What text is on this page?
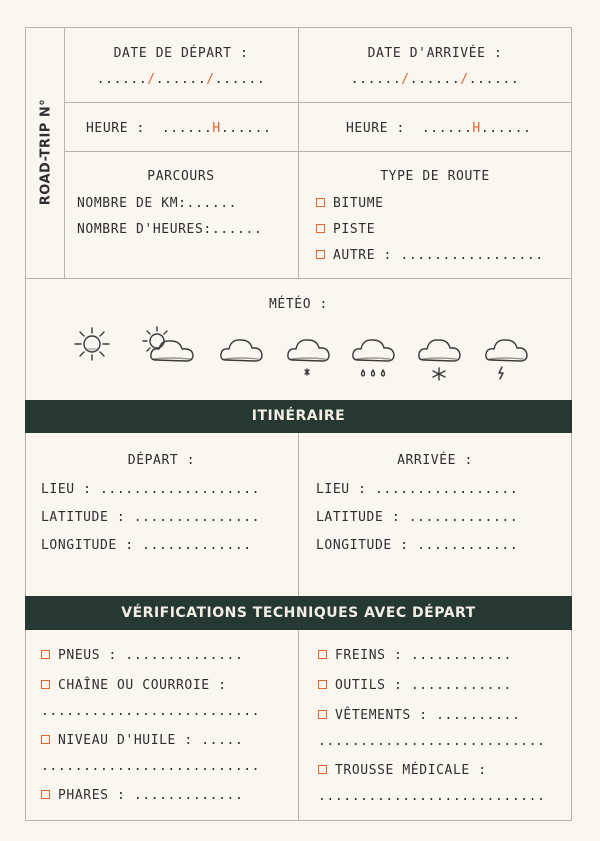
ROAD-TRIP N°
DATE DE DÉPART :
....../....../......
DATE D'ARRIVÉE :
....../....../......
HEURE : ......H......	HEURE : ......H......
PARCOURS
NOMBRE DE KM:......
NOMBRE D'HEURES:......
TYPE DE ROUTE
BITUME
PISTE
AUTRE : .................
MÉTÉO :
ITINÉRAIRE
DÉPART :
LIEU : ...................
LATITUDE : ...............
LONGITUDE : .............
ARRIVÉE :
LIEU : .................
LATITUDE : .............
LONGITUDE : ............
VÉRIFICATIONS TECHNIQUES AVEC DÉPART
PNEUS : ..............
CHAÎNE OU COURROIE :
..........................
NIVEAU D'HUILE : .....
..........................
PHARES : .............
FREINS : ............
OUTILS : ............
VÊTEMENTS : ..........
...........................
TROUSSE MÉDICALE :
...........................
